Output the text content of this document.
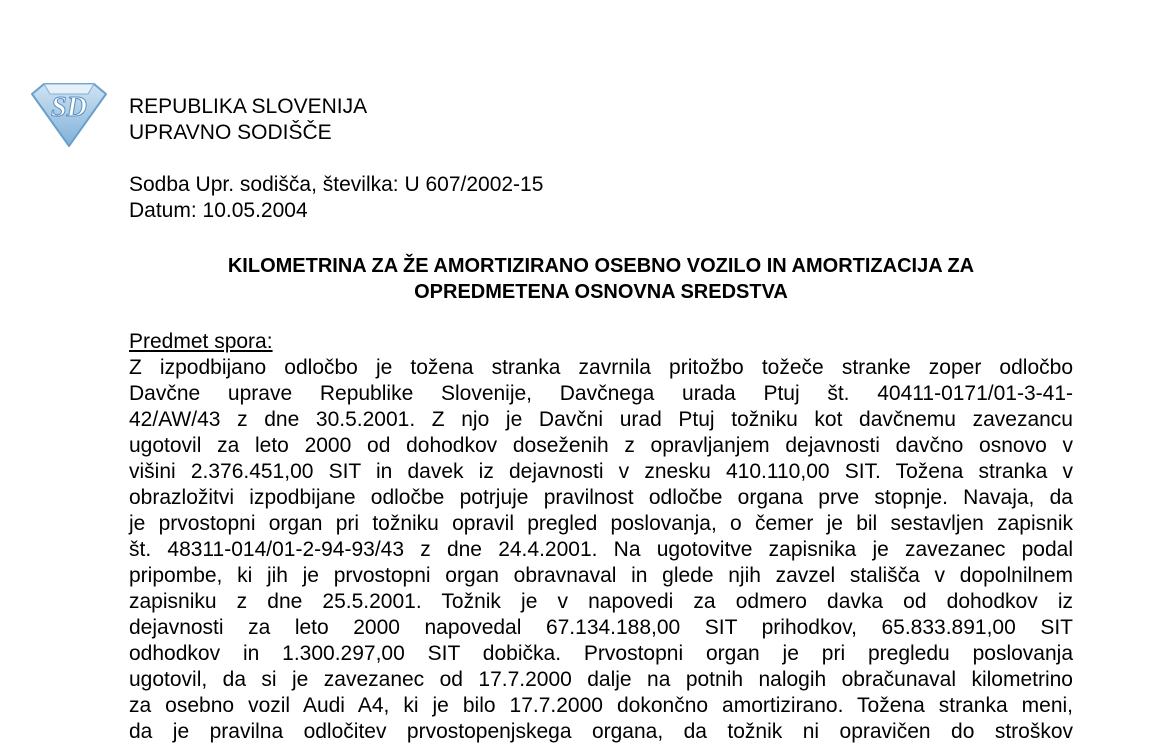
SD REPUBLIKA SLOVENIJA
UPRAVNO SODIŠČE
Sodba Upr. sodišča, številka: U 607/2002-15
Datum: 10.05.2004
KILOMETRINA ZA ŽE AMORTIZIRANO OSEBNO VOZILO IN AMORTIZACIJA ZA
OPREDMETENA OSNOVNA SREDSTVA
Predmet spora:
Z izpodbijano odločbo je tožena stranka zavrnila pritožbo tožeče stranke zoper odločbo
Davčne uprave Republike Slovenije, Davčnega urada Ptuj št. 40411-0171/01-3-41-
42/AW/43 z dne 30.5.2001. Z njo je Davčni urad Ptuj tožniku kot davčnemu zavezancu
ugotovil za leto 2000 od dohodkov doseženih z opravljanjem dejavnosti davčno osnovo v
višini 2.376.451,00 SIT in davek iz dejavnosti v znesku 410.110,00 SIT. Tožena stranka v
obrazložitvi izpodbijane odločbe potrjuje pravilnost odločbe organa prve stopnje. Navaja, da
je prvostopni organ pri tožniku opravil pregled poslovanja, o čemer je bil sestavljen zapisnik
št. 48311-014/01-2-94-93/43 z dne 24.4.2001. Na ugotovitve zapisnika je zavezanec podal
pripombe, ki jih je prvostopni organ obravnaval in glede njih zavzel stališča v dopolnilnem
zapisniku z dne 25.5.2001. Tožnik je v napovedi za odmero davka od dohodkov iz
dejavnosti za leto 2000 napovedal 67.134.188,00 SIT prihodkov, 65.833.891,00 SIT
odhodkov in 1.300.297,00 SIT dobička. Prvostopni organ je pri pregledu poslovanja
ugotovil, da si je zavezanec od 17.7.2000 dalje na potnih nalogih obračunaval kilometrino
za osebno vozil Audi A4, ki je bilo 17.7.2000 dokončno amortizirano. Tožena stranka meni,
da je pravilna odločitev prvostopenjskega organa, da tožnik ni opravičen do stroškov
